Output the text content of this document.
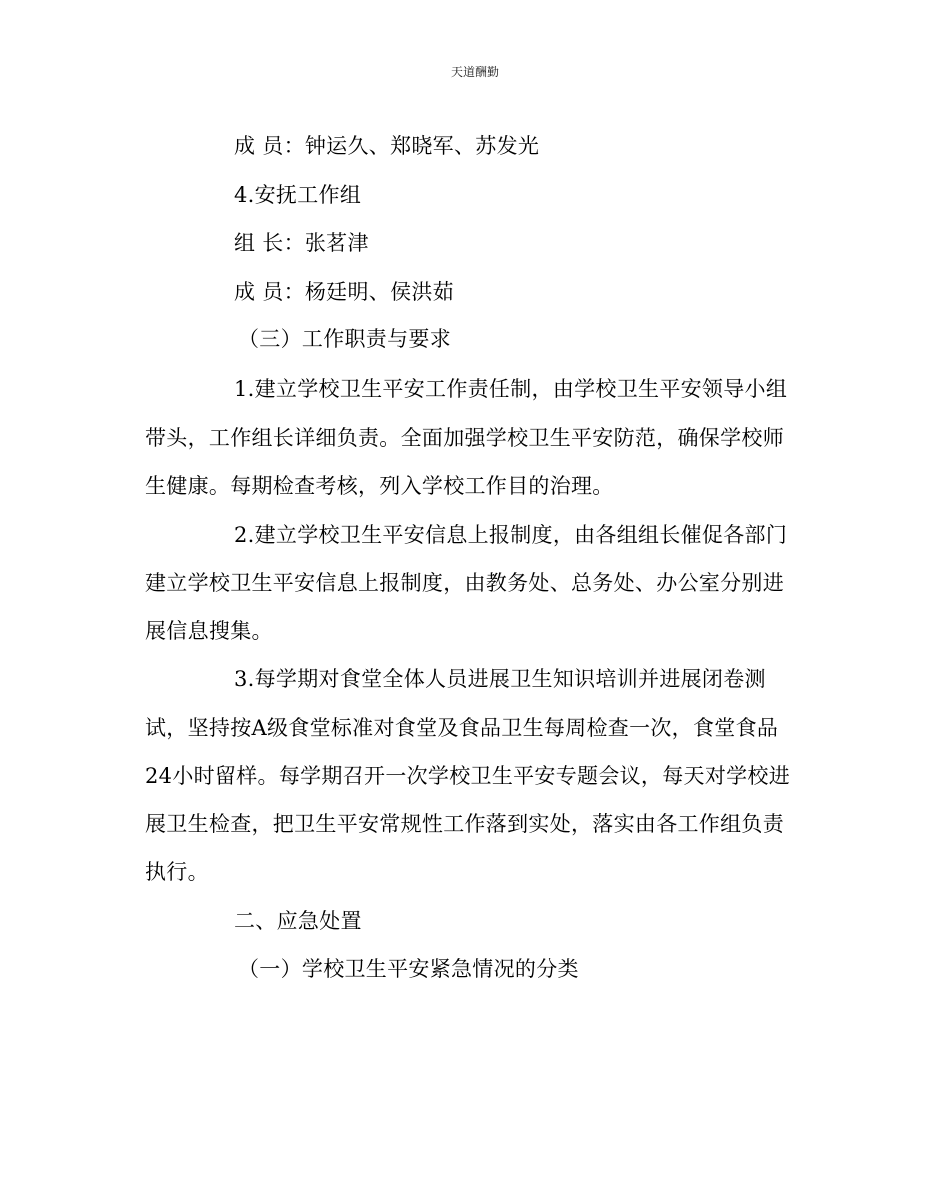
天道酬勤
成 员：钟运久、郑晓军、苏发光
4.安抚工作组
组 长：张茗津
成 员：杨廷明、侯洪茹
（三）工作职责与要求
1.建立学校卫生平安工作责任制，由学校卫生平安领导小组
带头，工作组长详细负责。全面加强学校卫生平安防范，确保学校师
生健康。每期检查考核，列入学校工作目的治理。
2.建立学校卫生平安信息上报制度，由各组组长催促各部门
建立学校卫生平安信息上报制度，由教务处、总务处、办公室分别进
展信息搜集。
3.每学期对食堂全体人员进展卫生知识培训并进展闭卷测
试，坚持按A级食堂标准对食堂及食品卫生每周检查一次，食堂食品
24小时留样。每学期召开一次学校卫生平安专题会议，每天对学校进
展卫生检查，把卫生平安常规性工作落到实处，落实由各工作组负责
执行。
二、应急处置
（一）学校卫生平安紧急情况的分类
